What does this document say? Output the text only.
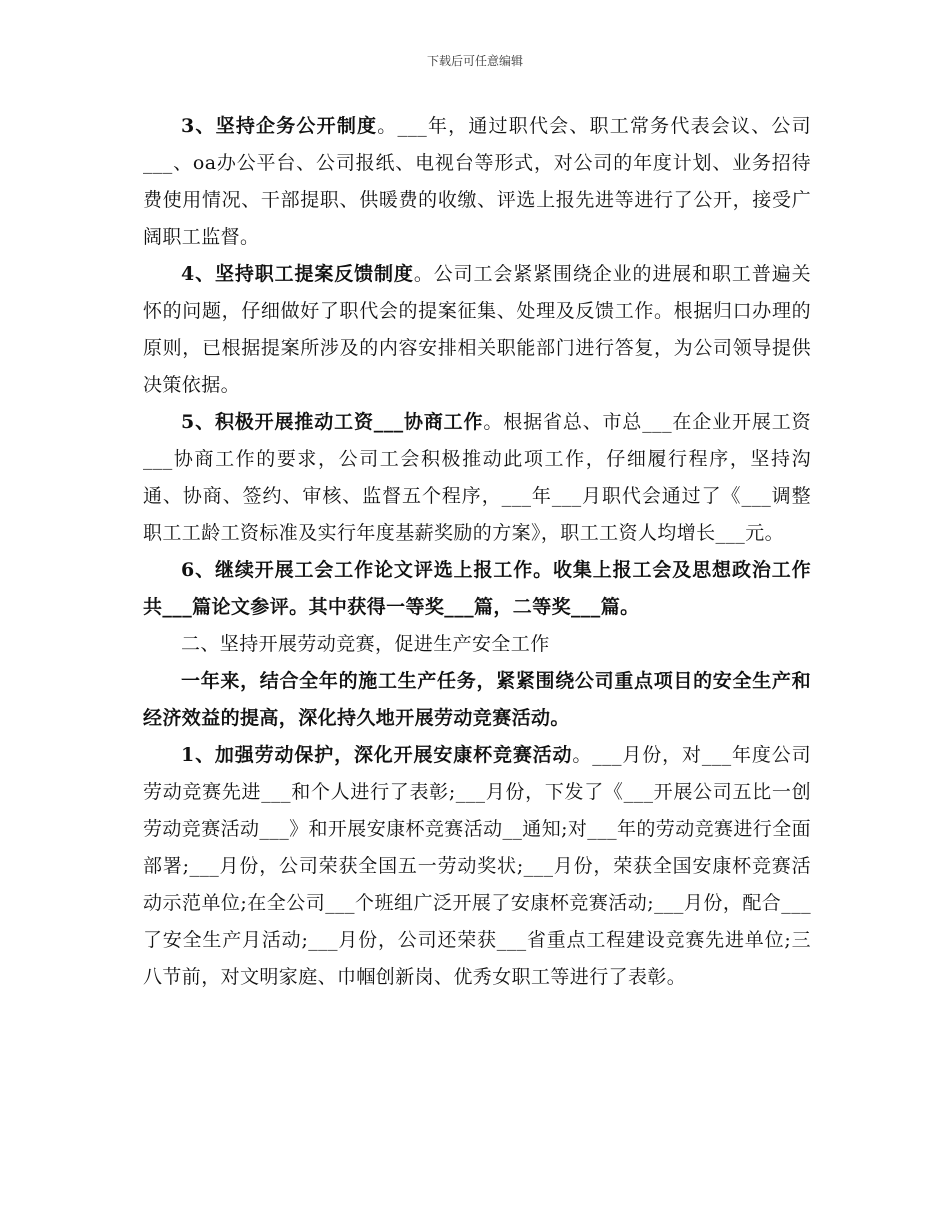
下载后可任意编辑

3、坚持企务公开制度。___年，通过职代会、职工常务代表会议、公司___、oa办公平台、公司报纸、电视台等形式，对公司的年度计划、业务招待费使用情况、干部提职、供暖费的收缴、评选上报先进等进行了公开，接受广阔职工监督。

4、坚持职工提案反馈制度。公司工会紧紧围绕企业的进展和职工普遍关怀的问题，仔细做好了职代会的提案征集、处理及反馈工作。根据归口办理的原则，已根据提案所涉及的内容安排相关职能部门进行答复，为公司领导提供决策依据。

5、积极开展推动工资___协商工作。根据省总、市总___在企业开展工资___协商工作的要求，公司工会积极推动此项工作，仔细履行程序，坚持沟通、协商、签约、审核、监督五个程序，___年___月职代会通过了《___调整职工工龄工资标准及实行年度基薪奖励的方案》，职工工资人均增长___元。

6、继续开展工会工作论文评选上报工作。收集上报工会及思想政治工作共___篇论文参评。其中获得一等奖___篇，二等奖___篇。

二、坚持开展劳动竞赛，促进生产安全工作

一年来，结合全年的施工生产任务，紧紧围绕公司重点项目的安全生产和经济效益的提高，深化持久地开展劳动竞赛活动。

1、加强劳动保护，深化开展安康杯竞赛活动。___月份，对___年度公司劳动竞赛先进___和个人进行了表彰;___月份，下发了《___开展公司五比一创劳动竞赛活动___》和开展安康杯竞赛活动__通知;对___年的劳动竞赛进行全面部署;___月份，公司荣获全国五一劳动奖状;___月份，荣获全国安康杯竞赛活动示范单位;在全公司___个班组广泛开展了安康杯竞赛活动;___月份，配合___了安全生产月活动;___月份，公司还荣获___省重点工程建设竞赛先进单位;三八节前，对文明家庭、巾帼创新岗、优秀女职工等进行了表彰。
